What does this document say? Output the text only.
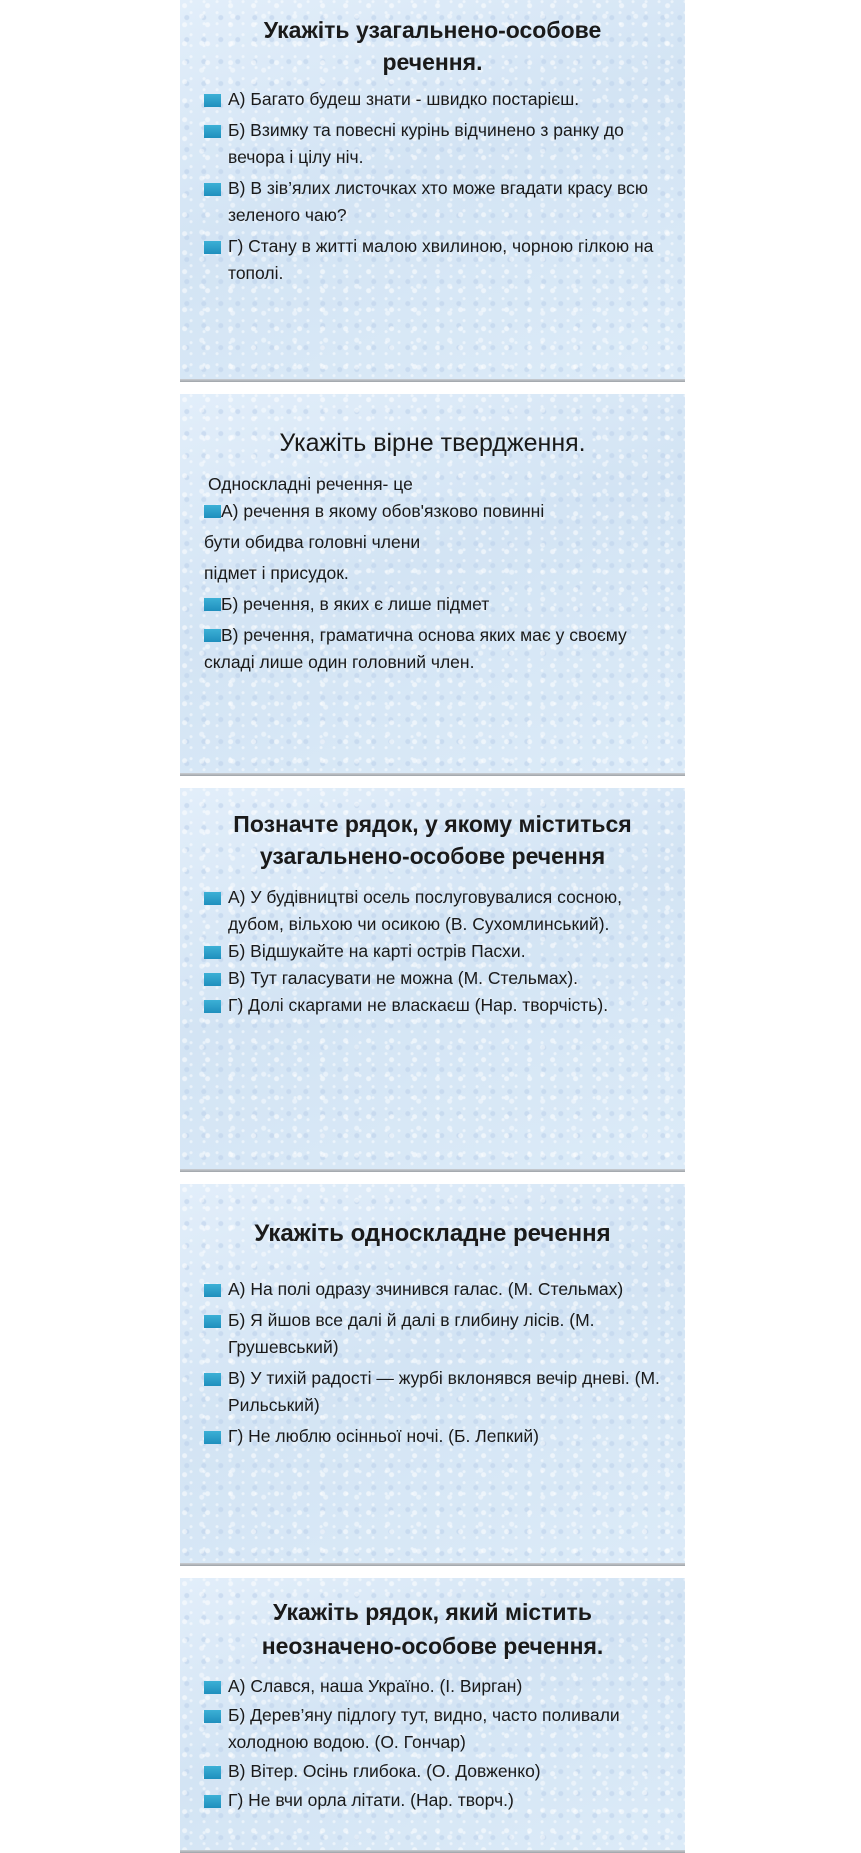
Укажіть узагальнено-особове речення.
А) Багато будеш знати - швидко постарієш.
Б) Взимку та повесні курінь відчинено з ранку до вечора і цілу ніч.
В) В зів’ялих листочках хто може вгадати красу всю зеленого чаю?
Г) Стану в житті малою хвилиною, чорною гілкою на тополі.
Укажіть вірне твердження.
Односкладні речення- це
А) речення в якому обов'язково повинні
бути обидва головні члени
підмет і присудок.
Б) речення, в яких є лише підмет
В) речення, граматична основа яких має у своєму складі лише один головний член.
Позначте рядок, у якому міститься узагальнено-особове речення
А) У будівництві осель послуговувалися сосною, дубом, вільхою чи осикою (В. Сухомлинський).
Б) Відшукайте на карті острів Пасхи.
В) Тут галасувати не можна (М. Стельмах).
Г) Долі скаргами не власкаєш (Нар. творчість).
Укажіть односкладне речення
А) На полі одразу зчинився галас. (М. Стельмах)
Б) Я йшов все далі й далі в глибину лісів. (М. Грушевський)
В) У тихій радості — журбі вклонявся вечір дневі. (М. Рильський)
Г) Не люблю осінньої ночі. (Б. Лепкий)
Укажіть рядок, який містить неозначено-особове речення.
А) Слався, наша Україно. (І. Вирган)
Б) Дерев’яну підлогу тут, видно, часто поливали холодною водою. (О. Гончар)
В) Вітер. Осінь глибока. (О. Довженко)
Г) Не вчи орла літати. (Нар. творч.)
